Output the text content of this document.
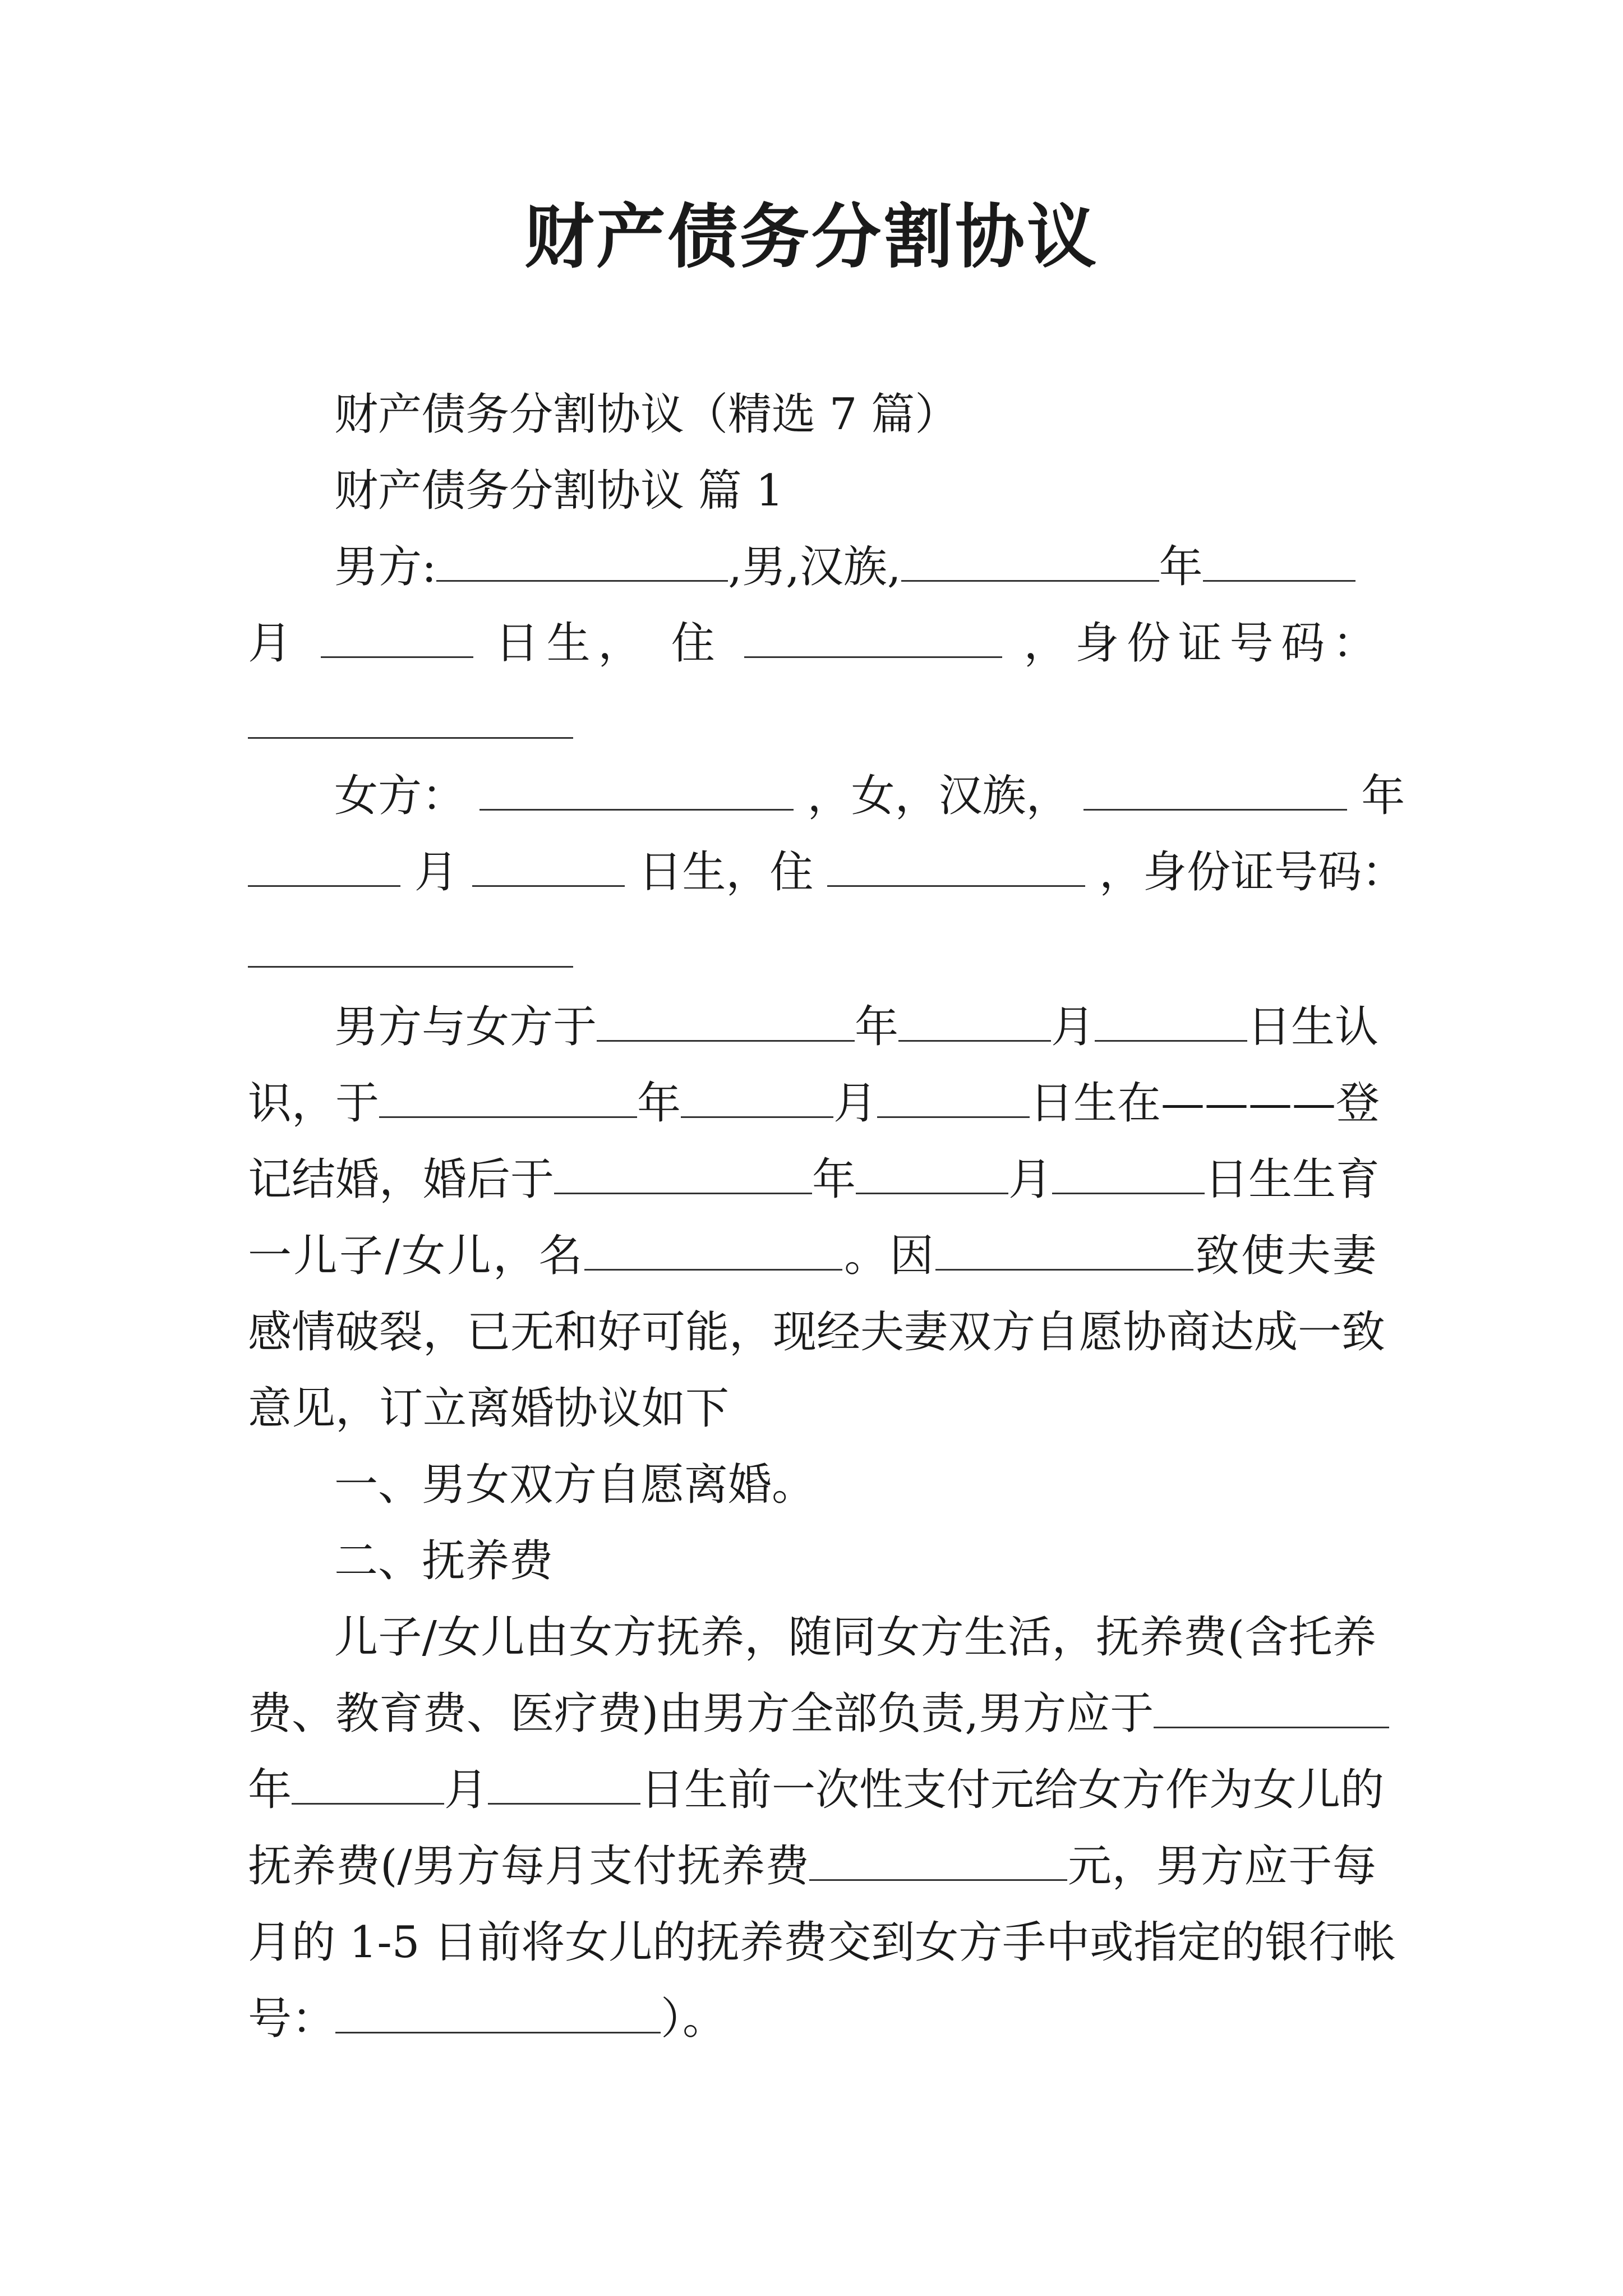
财产债务分割协议
财产债务分割协议（精选 7 篇）
财产债务分割协议 篇 1
男方:	,男,汉族,	年
月	日生， 住	，身份证号码：
女方：	，女，汉族，	年
月	日生，住	，身份证号码：
男方与女方于	年	月	日生认
识，于	年	月	日生在————登
记结婚，婚后于	年	月	日生生育
一儿子/女儿，名	。因	致使夫妻
感情破裂，已无和好可能，现经夫妻双方自愿协商达成一致
意见，订立离婚协议如下
一、男女双方自愿离婚。
二、抚养费
儿子/女儿由女方抚养，随同女方生活，抚养费(含托养
费、教育费、医疗费)由男方全部负责,男方应于
年	月	日生前一次性支付元给女方作为女儿的
抚养费(/男方每月支付抚养费	元，男方应于每
月的 1-5 日前将女儿的抚养费交到女方手中或指定的银行帐
号：	）。
